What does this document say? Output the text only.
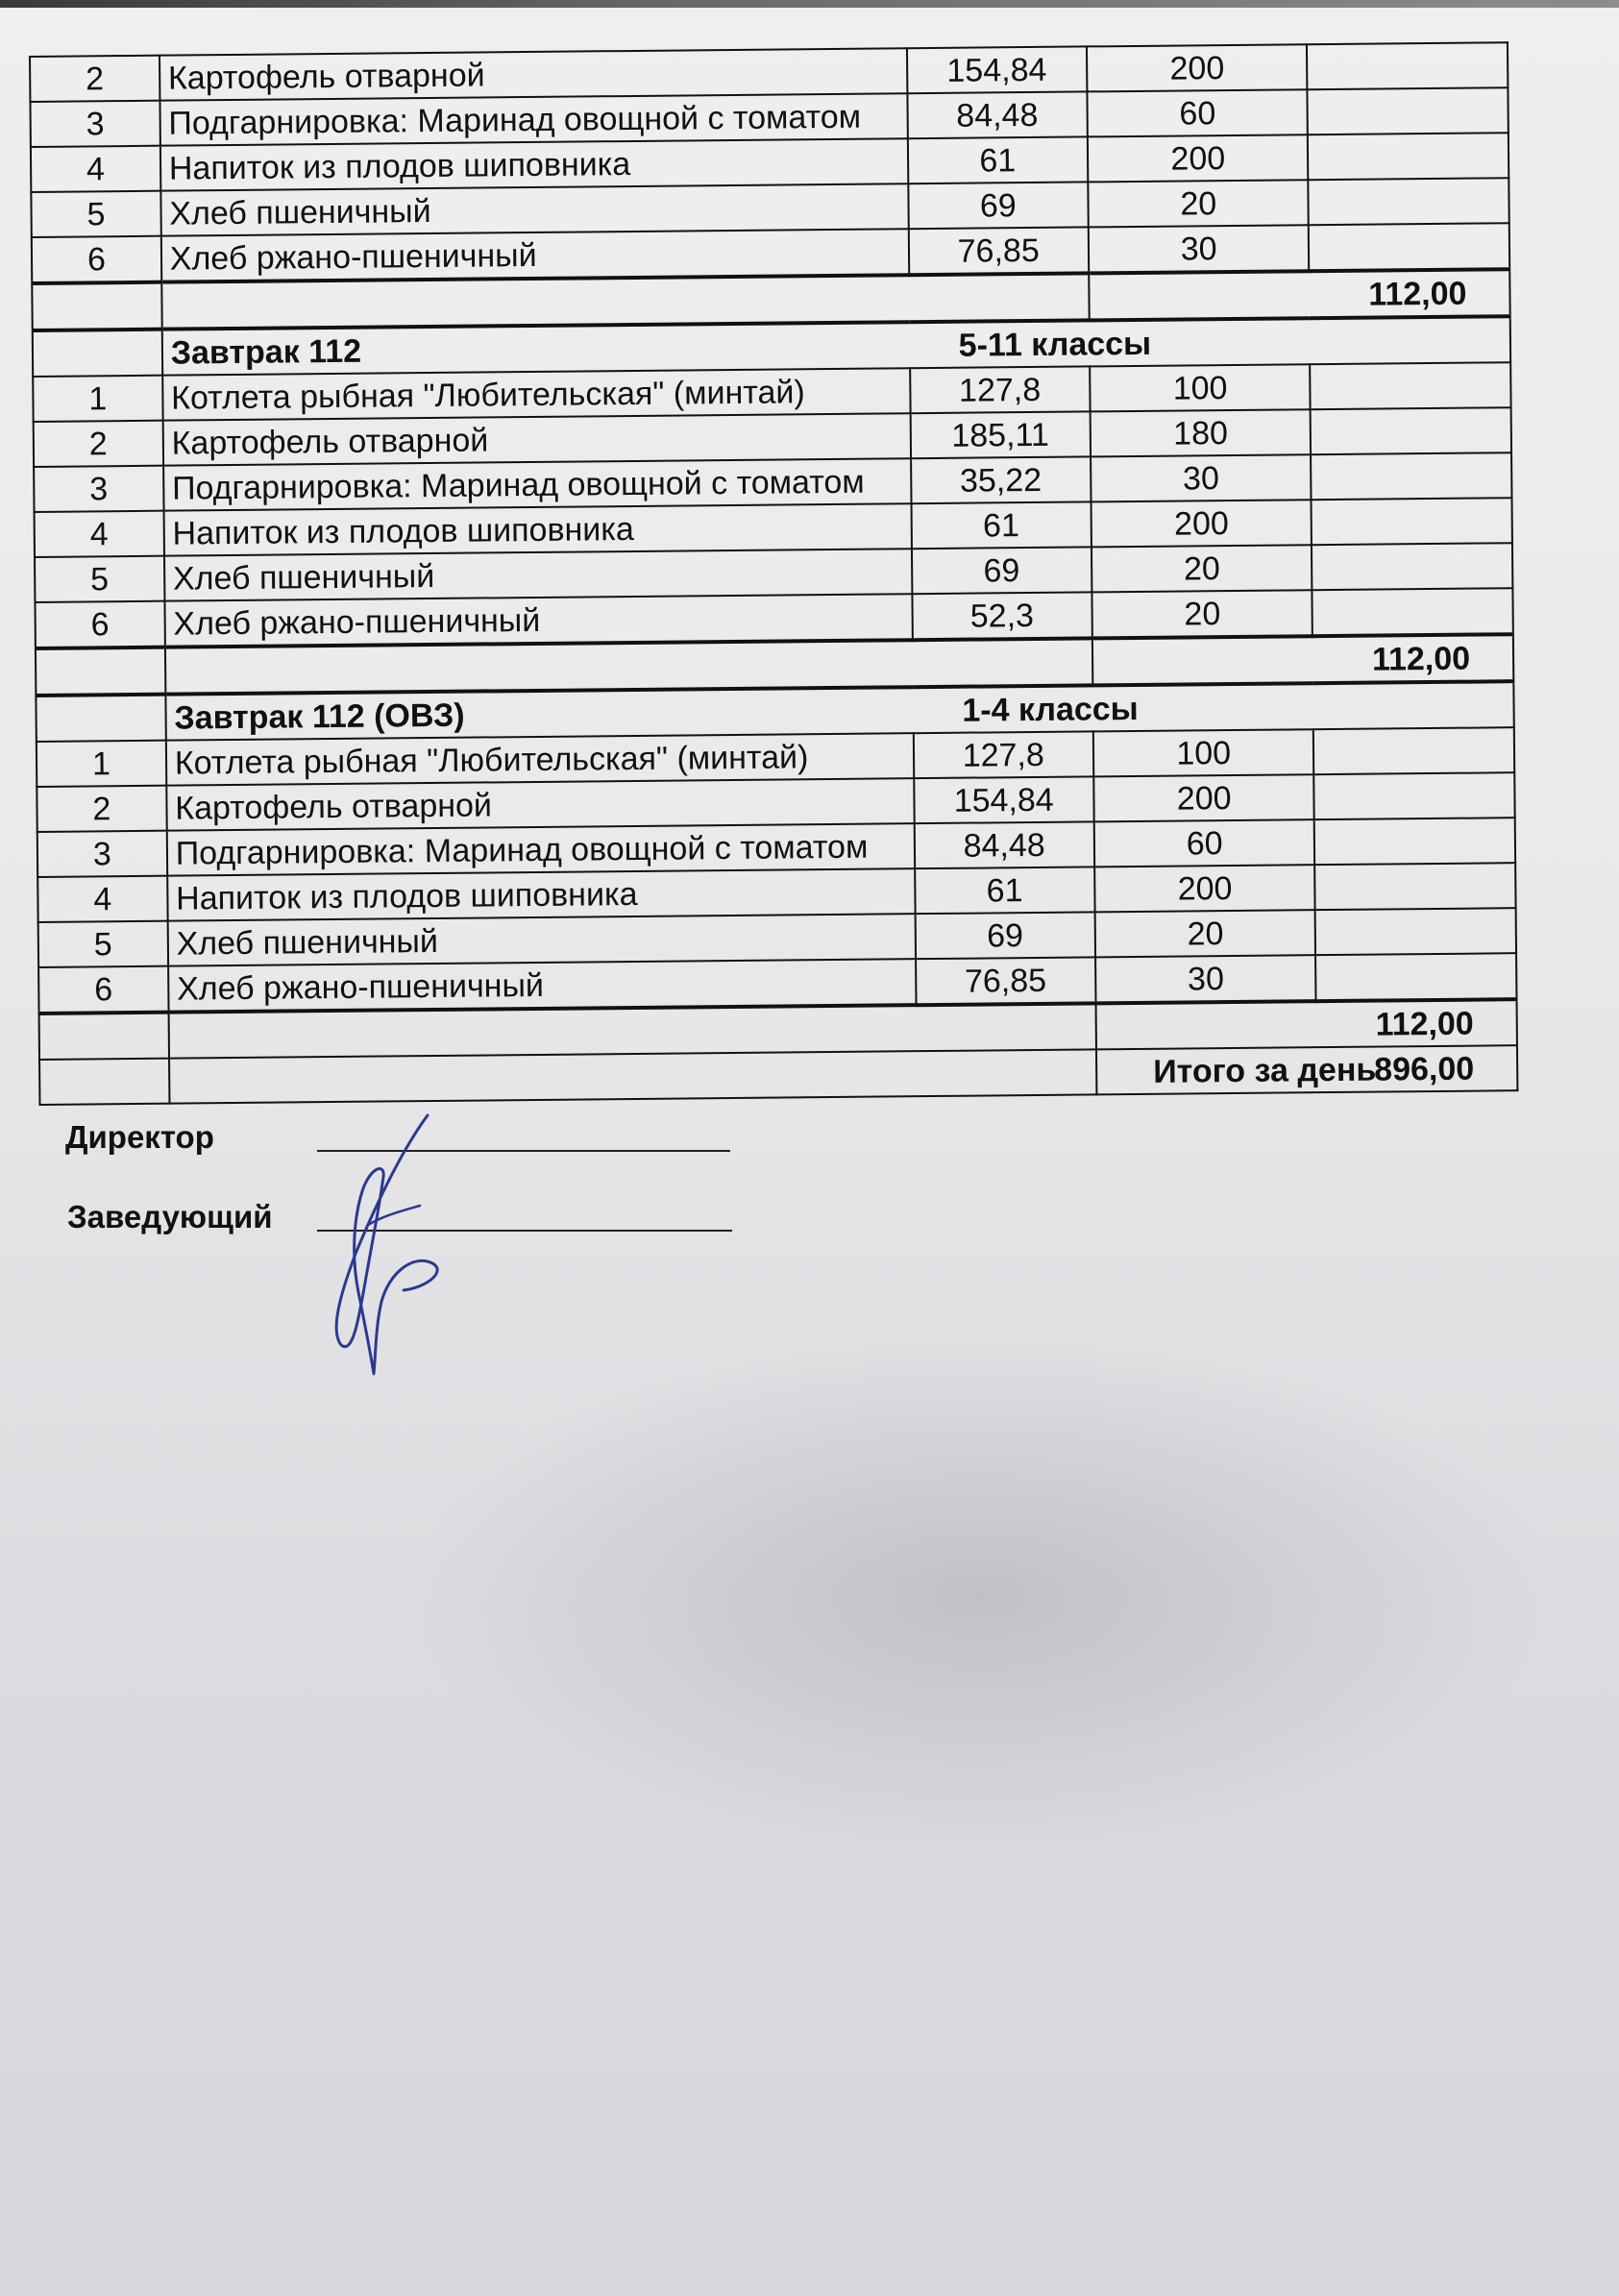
2	Картофель отварной	154,84	200	
3	Подгарнировка: Маринад овощной с томатом	84,48	60	
4	Напиток из плодов шиповника	61	200	
5	Хлеб пшеничный	69	20	
6	Хлеб ржано-пшеничный	76,85	30	
			112,00	
	Завтрак 112 5-11 классы			
1	Котлета рыбная "Любительская" (минтай)	127,8	100	
2	Картофель отварной	185,11	180	
3	Подгарнировка: Маринад овощной с томатом	35,22	30	
4	Напиток из плодов шиповника	61	200	
5	Хлеб пшеничный	69	20	
6	Хлеб ржано-пшеничный	52,3	20	
			112,00	
	Завтрак 112 (ОВЗ) 1-4 классы			
1	Котлета рыбная "Любительская" (минтай)	127,8	100	
2	Картофель отварной	154,84	200	
3	Подгарнировка: Маринад овощной с томатом	84,48	60	
4	Напиток из плодов шиповника	61	200	
5	Хлеб пшеничный	69	20	
6	Хлеб ржано-пшеничный	76,85	30	
			112,00	
			Итого за день896,00	
Директор
Заведующий
